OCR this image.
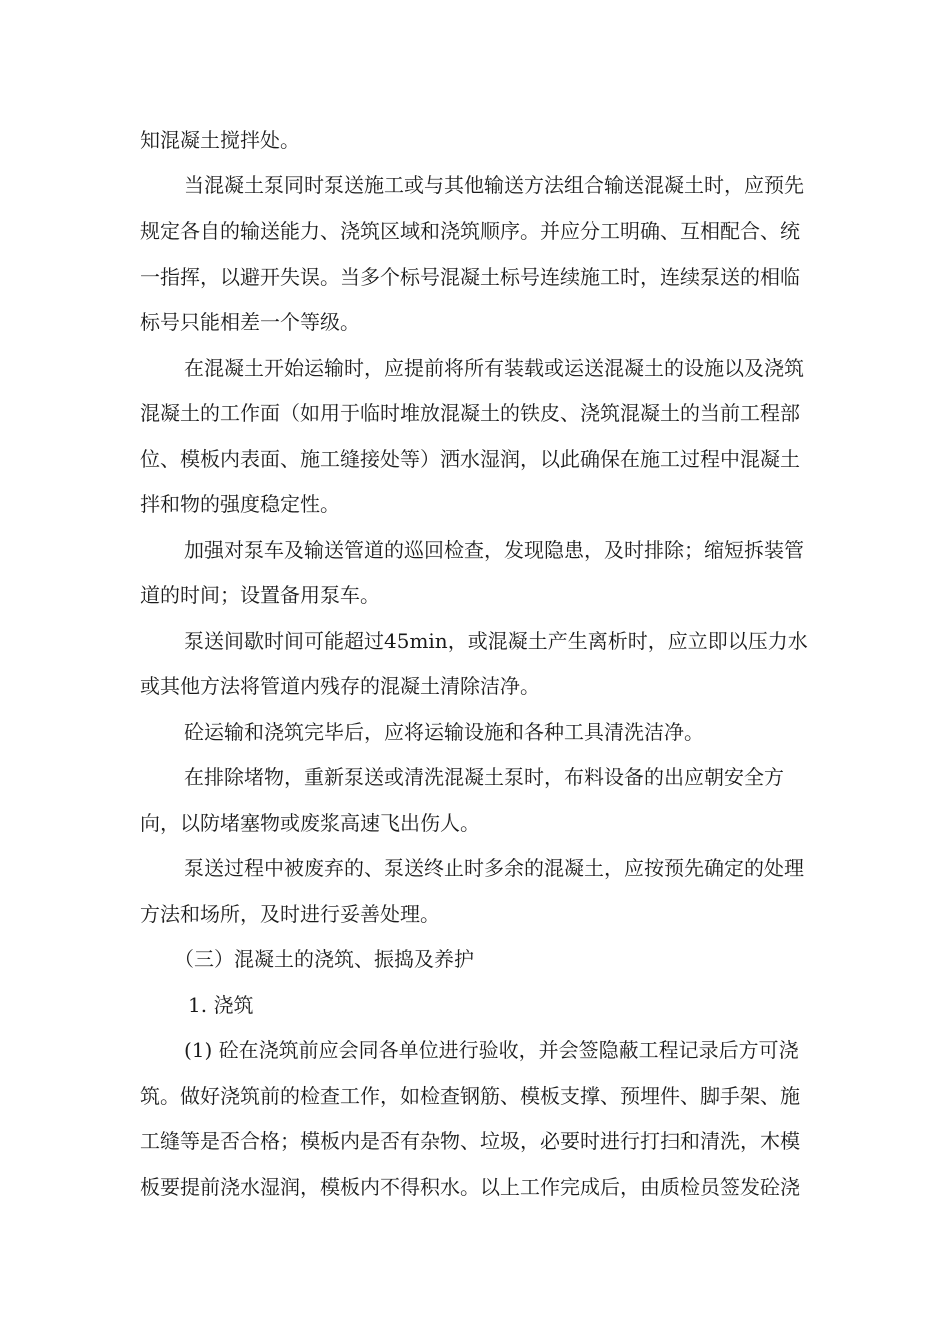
知混凝土搅拌处。
当混凝土泵同时泵送施工或与其他输送方法组合输送混凝土时，应预先
规定各自的输送能力、浇筑区域和浇筑顺序。并应分工明确、互相配合、统
一指挥，以避开失误。当多个标号混凝土标号连续施工时，连续泵送的相临
标号只能相差一个等级。
在混凝土开始运输时，应提前将所有装载或运送混凝土的设施以及浇筑
混凝土的工作面（如用于临时堆放混凝土的铁皮、浇筑混凝土的当前工程部
位、模板内表面、施工缝接处等）洒水湿润，以此确保在施工过程中混凝土
拌和物的强度稳定性。
加强对泵车及输送管道的巡回检查，发现隐患，及时排除；缩短拆装管
道的时间；设置备用泵车。
泵送间歇时间可能超过45min，或混凝土产生离析时，应立即以压力水
或其他方法将管道内残存的混凝土清除洁净。
砼运输和浇筑完毕后，应将运输设施和各种工具清洗洁净。
在排除堵物，重新泵送或清洗混凝土泵时，布料设备的出应朝安全方
向，以防堵塞物或废浆高速飞出伤人。
泵送过程中被废弃的、泵送终止时多余的混凝土，应按预先确定的处理
方法和场所，及时进行妥善处理。
（三）混凝土的浇筑、振捣及养护
1. 浇筑
(1) 砼在浇筑前应会同各单位进行验收，并会签隐蔽工程记录后方可浇
筑。做好浇筑前的检查工作，如检查钢筋、模板支撑、预埋件、脚手架、施
工缝等是否合格；模板内是否有杂物、垃圾，必要时进行打扫和清洗，木模
板要提前浇水湿润，模板内不得积水。以上工作完成后，由质检员签发砼浇
